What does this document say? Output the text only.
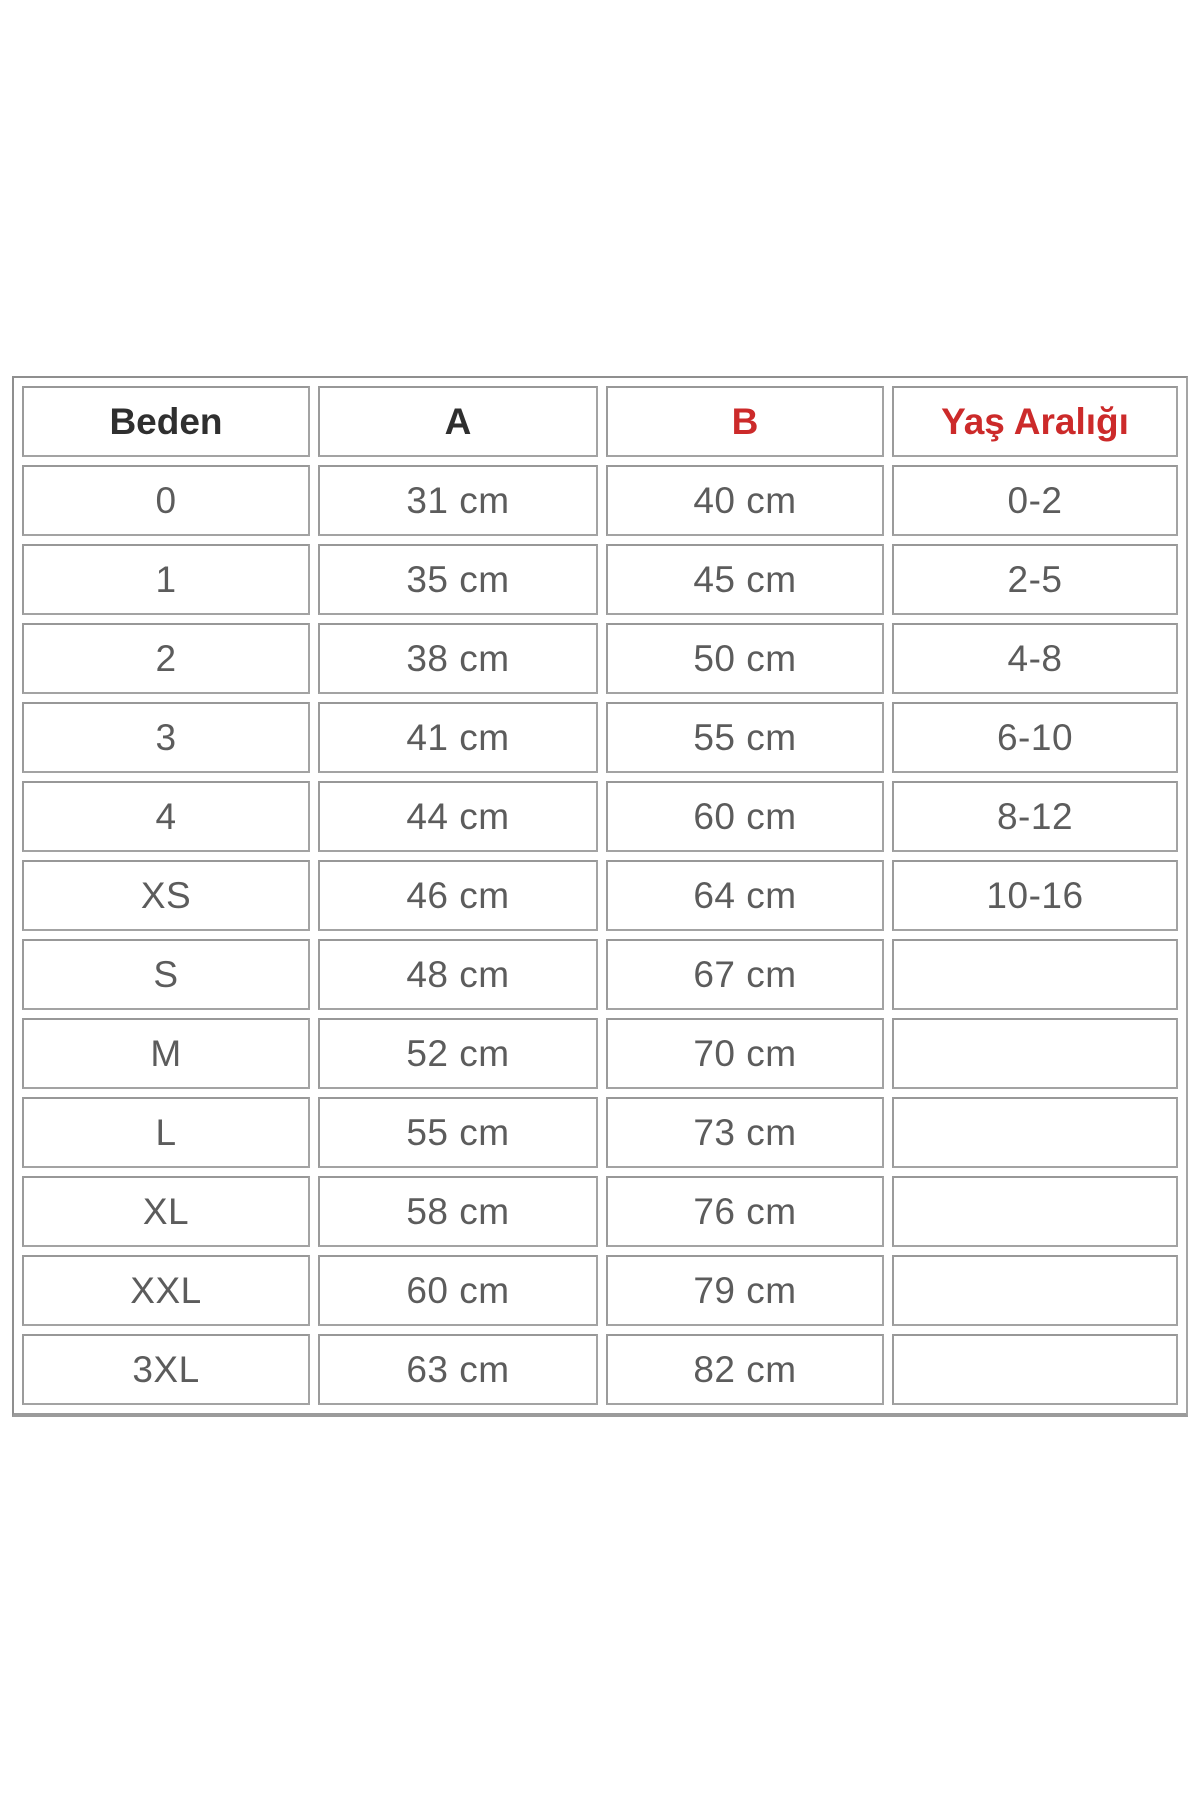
Beden	A	B	Yaş Aralığı
0	31 cm	40 cm	0-2
1	35 cm	45 cm	2-5
2	38 cm	50 cm	4-8
3	41 cm	55 cm	6-10
4	44 cm	60 cm	8-12
XS	46 cm	64 cm	10-16
S	48 cm	67 cm	
M	52 cm	70 cm	
L	55 cm	73 cm	
XL	58 cm	76 cm	
XXL	60 cm	79 cm	
3XL	63 cm	82 cm	
